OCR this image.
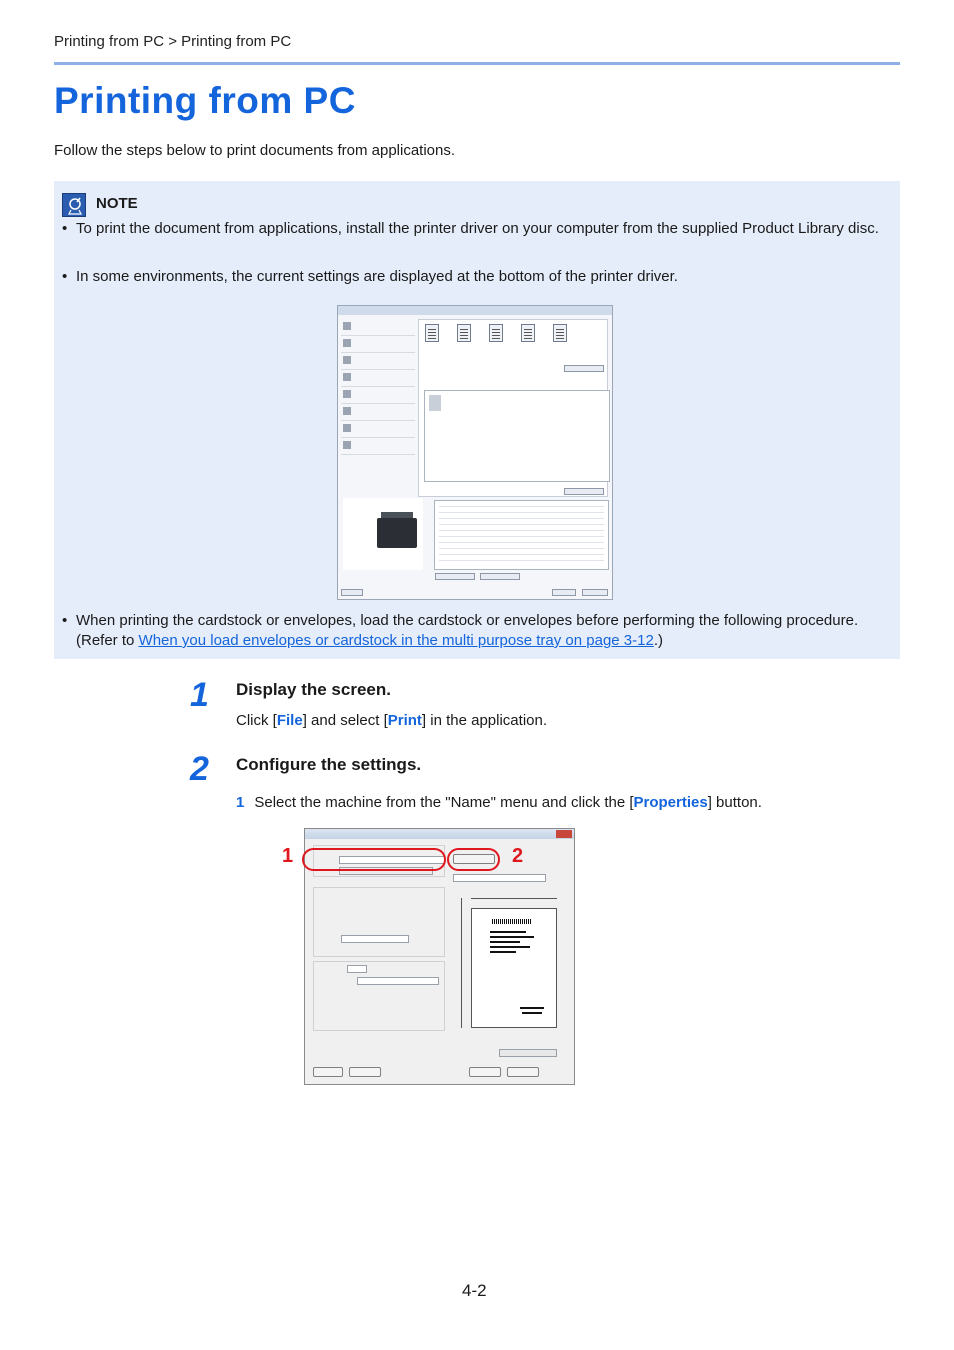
Printing from PC > Printing from PC
Printing from PC
Follow the steps below to print documents from applications.
NOTE
• To print the document from applications, install the printer driver on your computer from the supplied Product Library disc.
• In some environments, the current settings are displayed at the bottom of the printer driver.
• When printing the cardstock or envelopes, load the cardstock or envelopes before performing the following procedure. (Refer to When you load envelopes or cardstock in the multi purpose tray on page 3-12.)
1 Display the screen.
Click [File] and select [Print] in the application.
2 Configure the settings.
1 Select the machine from the "Name" menu and click the [Properties] button.
1	2
4-2
